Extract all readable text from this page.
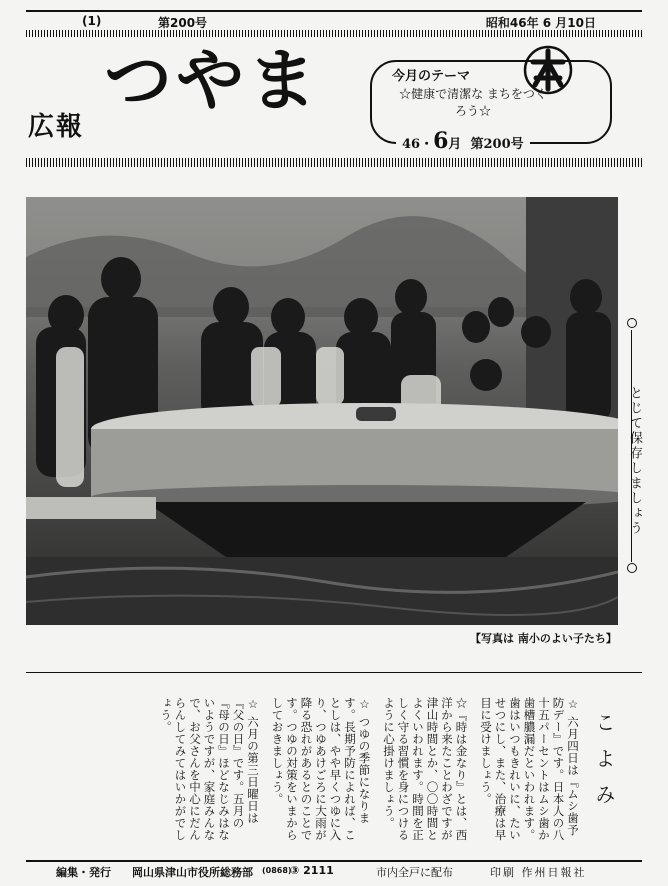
(1)	第200号	昭和46年 6 月10日
広報
つやま	今月のテーマ
☆健康で清潔な まちをつくろう☆
46・6月 第200号
【写真は 南小のよい子たち】
とじて保存しましょう
こよみ

☆ 六月四日は『ムシ歯予防デー』です。日本人の八十五パーセントはムシ歯か歯槽膿漏だといわれます。歯はいつもきれいに、たいせつにし、また、治療は早目に受けましょう。

☆『時は金なり』とは、西洋から来たことわざですが津山時間とか、〇〇時間とよくいわれます。時間を正しく守る習慣を身につけるように心掛けましょう。

☆ つゆの季節になります。長期予防によれば、ことしは、やや早くつゆに入り、つゆあけごろに大雨が降る恐れがあるとのことです。つゆの対策をいまからしておきましょう。

☆ 六月の第三日曜日は『父の日』です。五月の『母の日』ほどなじみはないようですが、家庭みんなで、お父さんを中心にだんらんしてみてはいかがでしょう。

編集・発行 岡山県津山市役所総務部 (0868)
③ 2111	市内全戸に配布	印刷 作州日報社
